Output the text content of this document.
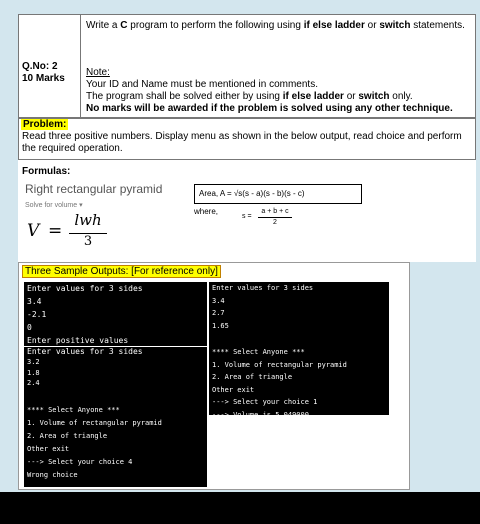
Q.No: 2
10 Marks
Write a C program to perform the following using if else ladder or switch statements.
Note:
Your ID and Name must be mentioned in comments.
The program shall be solved either by using if else ladder or switch only.
No marks will be awarded if the problem is solved using any other technique.
Problem:
Read three positive numbers. Display menu as shown in the below output, read choice and perform the required operation.
Formulas:
Right rectangular pyramid
Solve for volume ▾
V =
lwh
3
Area, A = √s(s - a)(s - b)(s - c)
where,
s =
a + b + c
2
Three Sample Outputs: [For reference only]
Enter values for 3 sides
3.4
-2.1
0
Enter positive values
Enter values for 3 sides
3.2
1.8
2.4
**** Select Anyone ***
1. Volume of rectangular pyramid
2. Area of triangle
Other exit
---> Select your choice 4
Wrong choice
Enter values for 3 sides
3.4
2.7
1.65
**** Select Anyone ***
1. Volume of rectangular pyramid
2. Area of triangle
Other exit
---> Select your choice 1
---> Volume is 5.049000
